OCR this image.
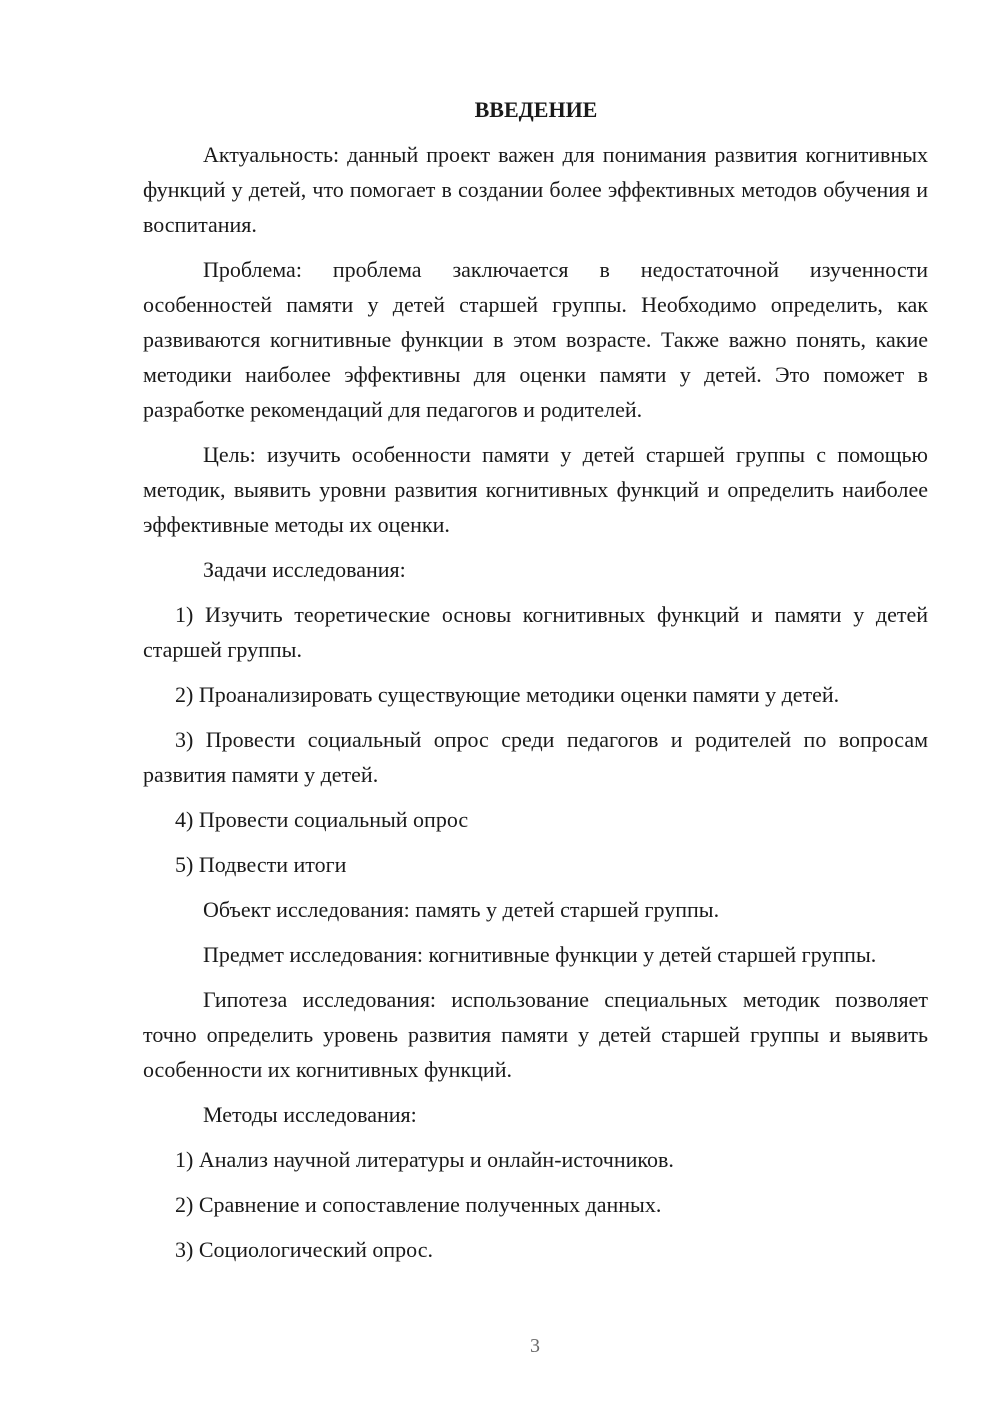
ВВЕДЕНИЕ

Актуальность: данный проект важен для понимания развития когнитивных функций у детей, что помогает в создании более эффективных методов обучения и воспитания.

Проблема: проблема заключается в недостаточной изученности особенностей памяти у детей старшей группы. Необходимо определить, как развиваются когнитивные функции в этом возрасте. Также важно понять, какие методики наиболее эффективны для оценки памяти у детей. Это поможет в разработке рекомендаций для педагогов и родителей.

Цель: изучить особенности памяти у детей старшей группы с помощью методик, выявить уровни развития когнитивных функций и определить наиболее эффективные методы их оценки.

Задачи исследования:

1) Изучить теоретические основы когнитивных функций и памяти у детей старшей группы.

2) Проанализировать существующие методики оценки памяти у детей.

3) Провести социальный опрос среди педагогов и родителей по вопросам развития памяти у детей.

4) Провести социальный опрос

5) Подвести итоги

Объект исследования: память у детей старшей группы.

Предмет исследования: когнитивные функции у детей старшей группы.

Гипотеза исследования: использование специальных методик позволяет точно определить уровень развития памяти у детей старшей группы и выявить особенности их когнитивных функций.

Методы исследования:

1) Анализ научной литературы и онлайн-источников.

2) Сравнение и сопоставление полученных данных.

3) Социологический опрос.

3
